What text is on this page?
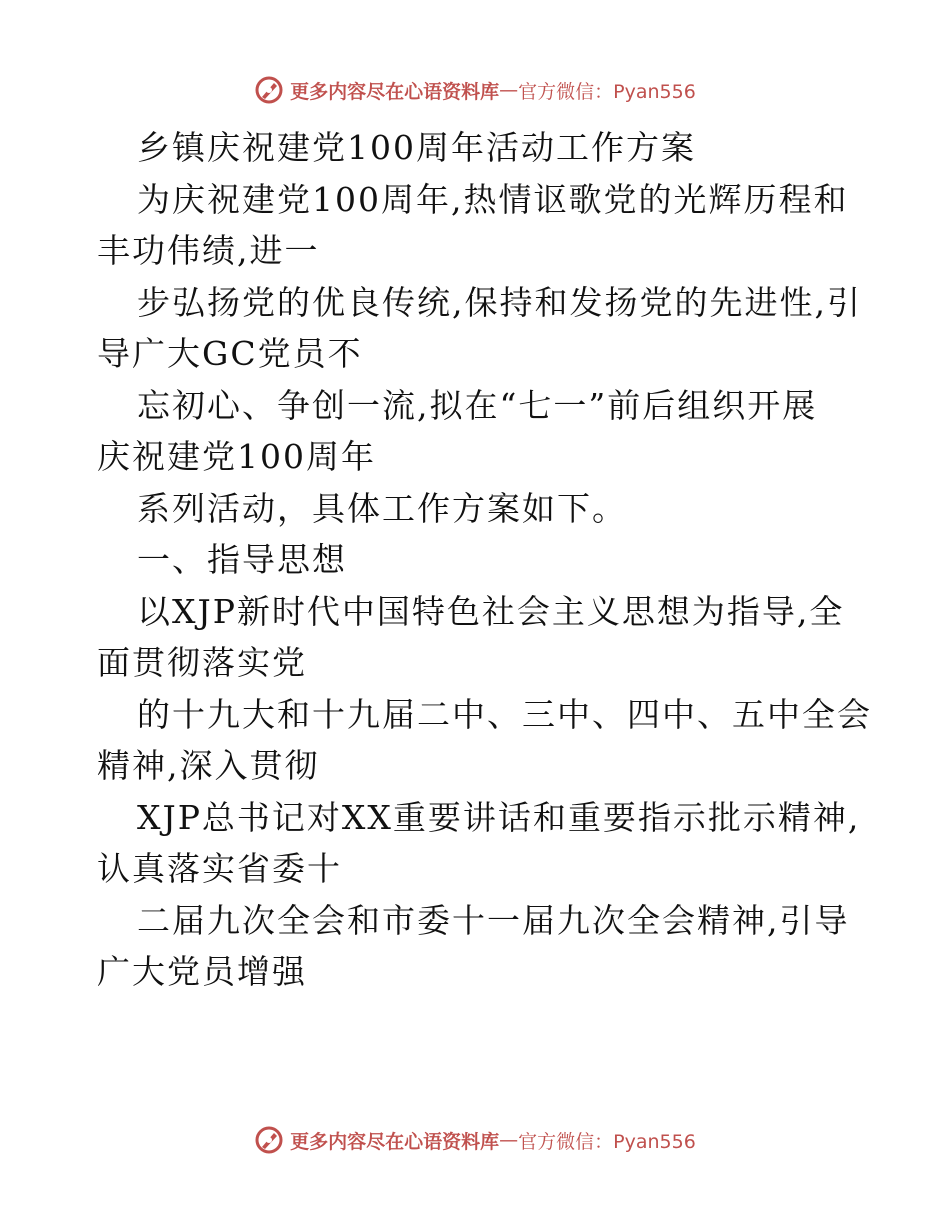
更多内容尽在心语资料库 — 官方微信：Pyan556
乡镇庆祝建党100周年活动工作方案
为庆祝建党100周年,热情讴歌党的光辉历程和
丰功伟绩,进一
步弘扬党的优良传统,保持和发扬党的先进性,引
导广大GC党员不
忘初心、争创一流,拟在“七一”前后组织开展
庆祝建党100周年
系列活动，具体工作方案如下。
一、指导思想
以XJP新时代中国特色社会主义思想为指导,全
面贯彻落实党
的十九大和十九届二中、三中、四中、五中全会
精神,深入贯彻
XJP总书记对XX重要讲话和重要指示批示精神,
认真落实省委十
二届九次全会和市委十一届九次全会精神,引导
广大党员增强
更多内容尽在心语资料库 — 官方微信：Pyan556
